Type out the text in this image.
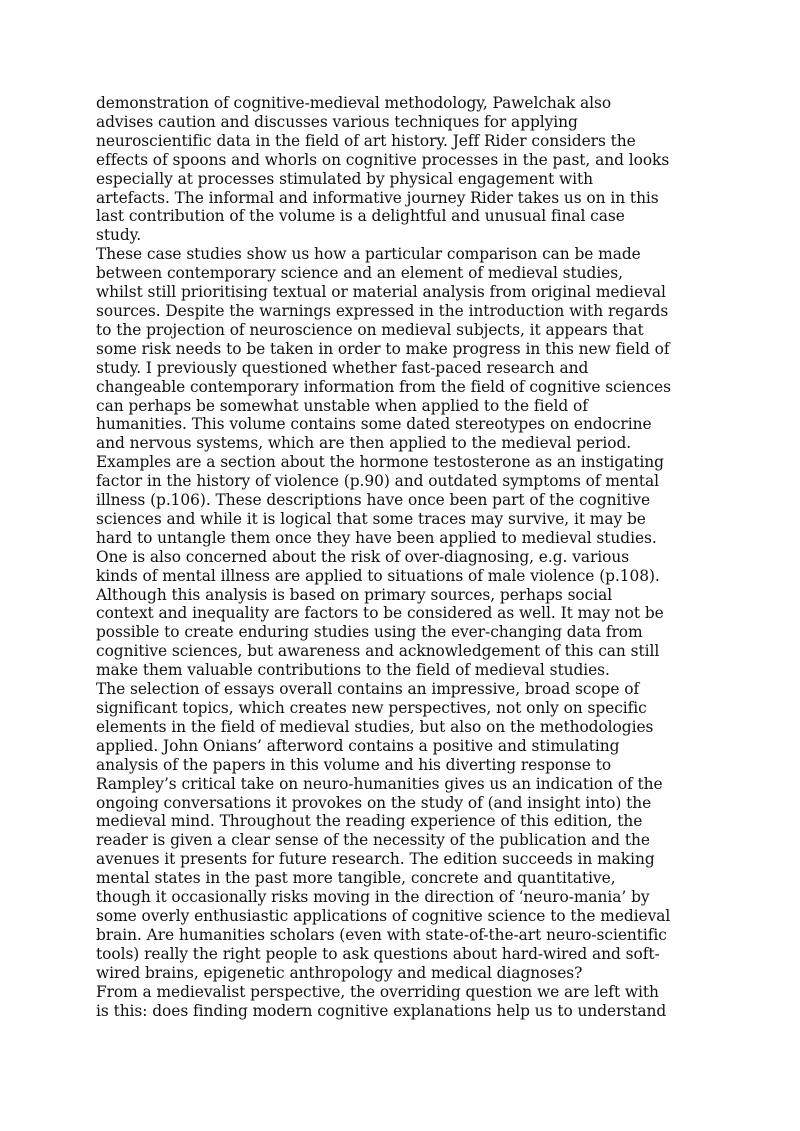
demonstration of cognitive-medieval methodology, Pawelchak also
advises caution and discusses various techniques for applying
neuroscientific data in the field of art history. Jeff Rider considers the
effects of spoons and whorls on cognitive processes in the past, and looks
especially at processes stimulated by physical engagement with
artefacts. The informal and informative journey Rider takes us on in this
last contribution of the volume is a delightful and unusual final case
study.

These case studies show us how a particular comparison can be made
between contemporary science and an element of medieval studies,
whilst still prioritising textual or material analysis from original medieval
sources. Despite the warnings expressed in the introduction with regards
to the projection of neuroscience on medieval subjects, it appears that
some risk needs to be taken in order to make progress in this new field of
study. I previously questioned whether fast-paced research and
changeable contemporary information from the field of cognitive sciences
can perhaps be somewhat unstable when applied to the field of
humanities. This volume contains some dated stereotypes on endocrine
and nervous systems, which are then applied to the medieval period.
Examples are a section about the hormone testosterone as an instigating
factor in the history of violence (p.90) and outdated symptoms of mental
illness (p.106). These descriptions have once been part of the cognitive
sciences and while it is logical that some traces may survive, it may be
hard to untangle them once they have been applied to medieval studies.
One is also concerned about the risk of over-diagnosing, e.g. various
kinds of mental illness are applied to situations of male violence (p.108).
Although this analysis is based on primary sources, perhaps social
context and inequality are factors to be considered as well. It may not be
possible to create enduring studies using the ever-changing data from
cognitive sciences, but awareness and acknowledgement of this can still
make them valuable contributions to the field of medieval studies.

The selection of essays overall contains an impressive, broad scope of
significant topics, which creates new perspectives, not only on specific
elements in the field of medieval studies, but also on the methodologies
applied. John Onians’ afterword contains a positive and stimulating
analysis of the papers in this volume and his diverting response to
Rampley’s critical take on neuro-humanities gives us an indication of the
ongoing conversations it provokes on the study of (and insight into) the
medieval mind. Throughout the reading experience of this edition, the
reader is given a clear sense of the necessity of the publication and the
avenues it presents for future research. The edition succeeds in making
mental states in the past more tangible, concrete and quantitative,
though it occasionally risks moving in the direction of ‘neuro-mania’ by
some overly enthusiastic applications of cognitive science to the medieval
brain. Are humanities scholars (even with state-of-the-art neuro-scientific
tools) really the right people to ask questions about hard-wired and soft-
wired brains, epigenetic anthropology and medical diagnoses?

From a medievalist perspective, the overriding question we are left with
is this: does finding modern cognitive explanations help us to understand
